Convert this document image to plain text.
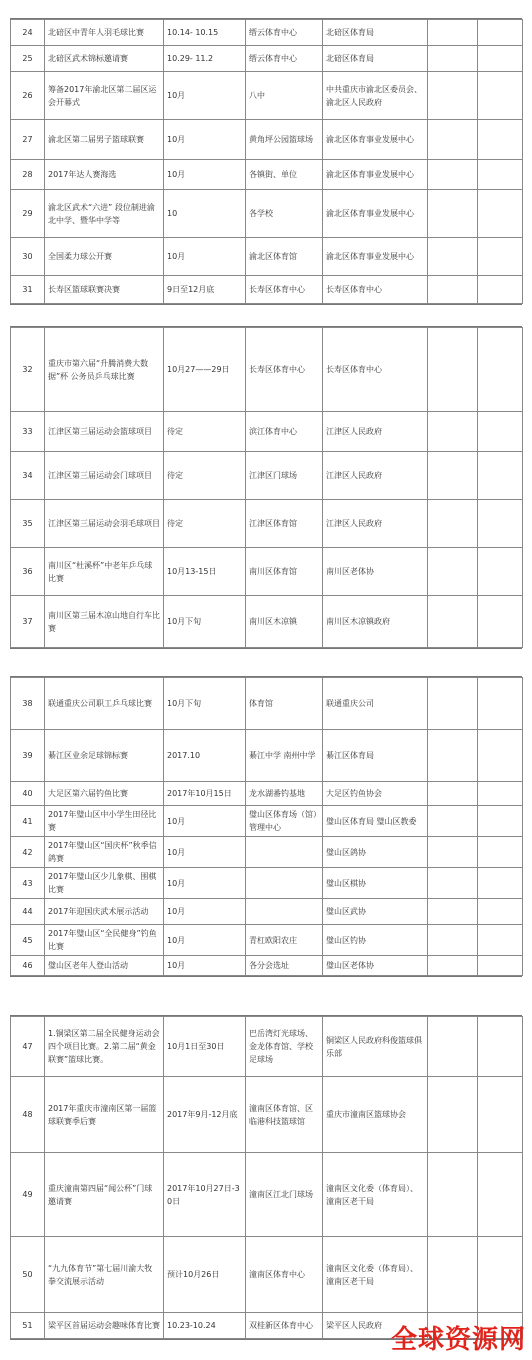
24	北碚区中青年人羽毛球比赛	10.14- 10.15	缙云体育中心	北碚区体育局		
25	北碚区武术锦标邀请赛	10.29- 11.2	缙云体育中心	北碚区体育局		
26	筹备2017年渝北区第二届区运会开幕式	10月	八中	中共重庆市渝北区委员会、渝北区人民政府		
27	渝北区第二届男子篮球联赛	10月	黄角坪公园篮球场	渝北区体育事业发展中心		
28	2017年达人赛海选	10月	各镇街、单位	渝北区体育事业发展中心		
29	渝北区武术“六进” 段位制进渝北中学、暨华中学等	10	各学校	渝北区体育事业发展中心		
30	全国柔力球公开赛	10月	渝北区体育馆	渝北区体育事业发展中心		
31	长寿区篮球联赛决赛	9日至12月底	长寿区体育中心	长寿区体育中心		
32	重庆市第六届“升腾消费大数据”杯 公务员乒乓球比赛	10月27——29日	长寿区体育中心	长寿区体育中心		
33	江津区第三届运动会篮球项目	待定	滨江体育中心	江津区人民政府		
34	江津区第三届运动会门球项目	待定	江津区门球场	江津区人民政府		
35	江津区第三届运动会羽毛球项目	待定	江津区体育馆	江津区人民政府		
36	南川区“杜溪杯”中老年乒乓球比赛	10月13-15日	南川区体育馆	南川区老体协		
37	南川区第三届木凉山地自行车比赛	10月下旬	南川区木凉镇	南川区木凉镇政府		
38	联通重庆公司职工乒乓球比赛	10月下旬	体育馆	联通重庆公司		
39	綦江区业余足球锦标赛	2017.10	綦江中学 南州中学	綦江区体育局		
40	大足区第六届钓鱼比赛	2017年10月15日	龙水湖番钓基地	大足区钓鱼协会		
41	2017年璧山区中小学生田径比赛	10月	璧山区体育场（馆）管理中心	璧山区体育局 璧山区教委		
42	2017年璧山区“国庆杯”秋季信鸽赛	10月		璧山区鸽协		
43	2017年璧山区少儿象棋、围棋比赛	10月		璧山区棋协		
44	2017年迎国庆武术展示活动	10月		璧山区武协		
45	2017年璧山区“全民健身”钓鱼比赛	10月	青杠欧阳农庄	璧山区钓协		
46	璧山区老年人登山活动	10月	各分会选址	璧山区老体协		
47	1.铜梁区第二届全民健身运动会四个项目比赛。2.第二届“黄金联赛”篮球比赛。	10月1日至30日	巴岳湾灯光球场、金龙体育馆、学校足球场	铜梁区人民政府科俊篮球俱乐部		
48	2017年重庆市潼南区第一届篮球联赛季后赛	2017年9月-12月底	潼南区体育馆、区临港科技篮球馆	重庆市潼南区篮球协会		
49	重庆潼南第四届“闻公杯”门球邀请赛	2017年10月27日-30日	潼南区江北门球场	潼南区文化委（体育局）、潼南区老干局		
50	“九九体育节”第七届川渝大牧拳交流展示活动	预计10月26日	潼南区体育中心	潼南区文化委（体育局）、潼南区老干局		
51	梁平区首届运动会趣味体育比赛	10.23-10.24	双桂新区体育中心	梁平区人民政府		全球资源网
